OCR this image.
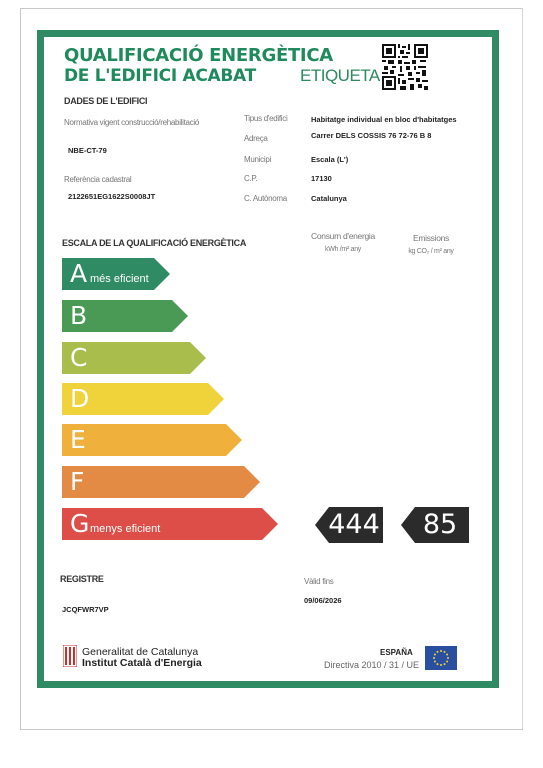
QUALIFICACIÓ ENERGÈTICA
DE L'EDIFICI ACABAT	ETIQUETA
DADES DE L'EDIFICI
Normativa vigent construcció/rehabilitació
NBE-CT-79
Referència cadastral
2122651EG1622S0008JT
Tipus d'edifici	Habitatge individual en bloc d'habitatges
Adreça	Carrer DELS COSSIS 76 72-76 B 8
Municipi	Escala (L')
C.P.	17130
C. Autònoma	Catalunya
ESCALA DE LA QUALIFICACIÓ ENERGÈTICA
Consum d'energia
kWh /m² any
Emissions
kg CO₂ / m² any
A més eficient
B
C
D
E
F
G menys eficient	444	85
REGISTRE
JCQFWR7VP
Vàlid fins
09/06/2026
Generalitat de Catalunya
Institut Català d'Energia
ESPAÑA
Directiva 2010 / 31 / UE
